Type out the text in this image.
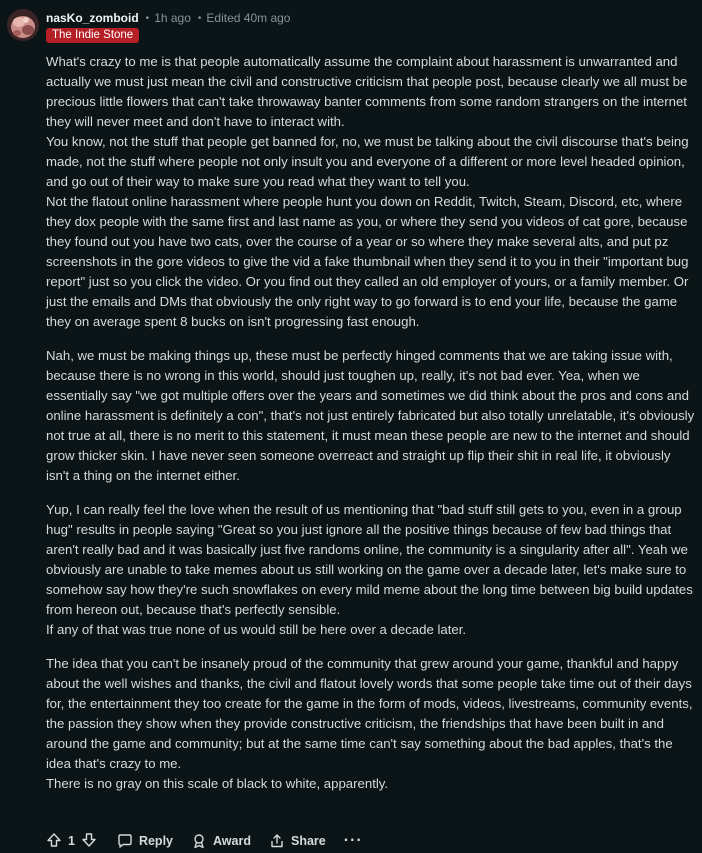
nasKo_zomboid • 1h ago • Edited 40m ago
The Indie Stone

What's crazy to me is that people automatically assume the complaint about harassment is unwarranted and actually we must just mean the civil and constructive criticism that people post, because clearly we all must be precious little flowers that can't take throwaway banter comments from some random strangers on the internet they will never meet and don't have to interact with.
You know, not the stuff that people get banned for, no, we must be talking about the civil discourse that's being made, not the stuff where people not only insult you and everyone of a different or more level headed opinion, and go out of their way to make sure you read what they want to tell you.
Not the flatout online harassment where people hunt you down on Reddit, Twitch, Steam, Discord, etc, where they dox people with the same first and last name as you, or where they send you videos of cat gore, because they found out you have two cats, over the course of a year or so where they make several alts, and put pz screenshots in the gore videos to give the vid a fake thumbnail when they send it to you in their "important bug report" just so you click the video. Or you find out they called an old employer of yours, or a family member. Or just the emails and DMs that obviously the only right way to go forward is to end your life, because the game they on average spent 8 bucks on isn't progressing fast enough.

Nah, we must be making things up, these must be perfectly hinged comments that we are taking issue with, because there is no wrong in this world, should just toughen up, really, it's not bad ever. Yea, when we essentially say "we got multiple offers over the years and sometimes we did think about the pros and cons and online harassment is definitely a con", that's not just entirely fabricated but also totally unrelatable, it's obviously not true at all, there is no merit to this statement, it must mean these people are new to the internet and should grow thicker skin. I have never seen someone overreact and straight up flip their shit in real life, it obviously isn't a thing on the internet either.

Yup, I can really feel the love when the result of us mentioning that "bad stuff still gets to you, even in a group hug" results in people saying "Great so you just ignore all the positive things because of few bad things that aren't really bad and it was basically just five randoms online, the community is a singularity after all". Yeah we obviously are unable to take memes about us still working on the game over a decade later, let's make sure to somehow say how they're such snowflakes on every mild meme about the long time between big build updates from hereon out, because that's perfectly sensible.
If any of that was true none of us would still be here over a decade later.

The idea that you can't be insanely proud of the community that grew around your game, thankful and happy about the well wishes and thanks, the civil and flatout lovely words that some people take time out of their days for, the entertainment they too create for the game in the form of mods, videos, livestreams, community events, the passion they show when they provide constructive criticism, the friendships that have been built in and around the game and community; but at the same time can't say something about the bad apples, that's the idea that's crazy to me.
There is no gray on this scale of black to white, apparently.

1	Reply	Award	Share ···
